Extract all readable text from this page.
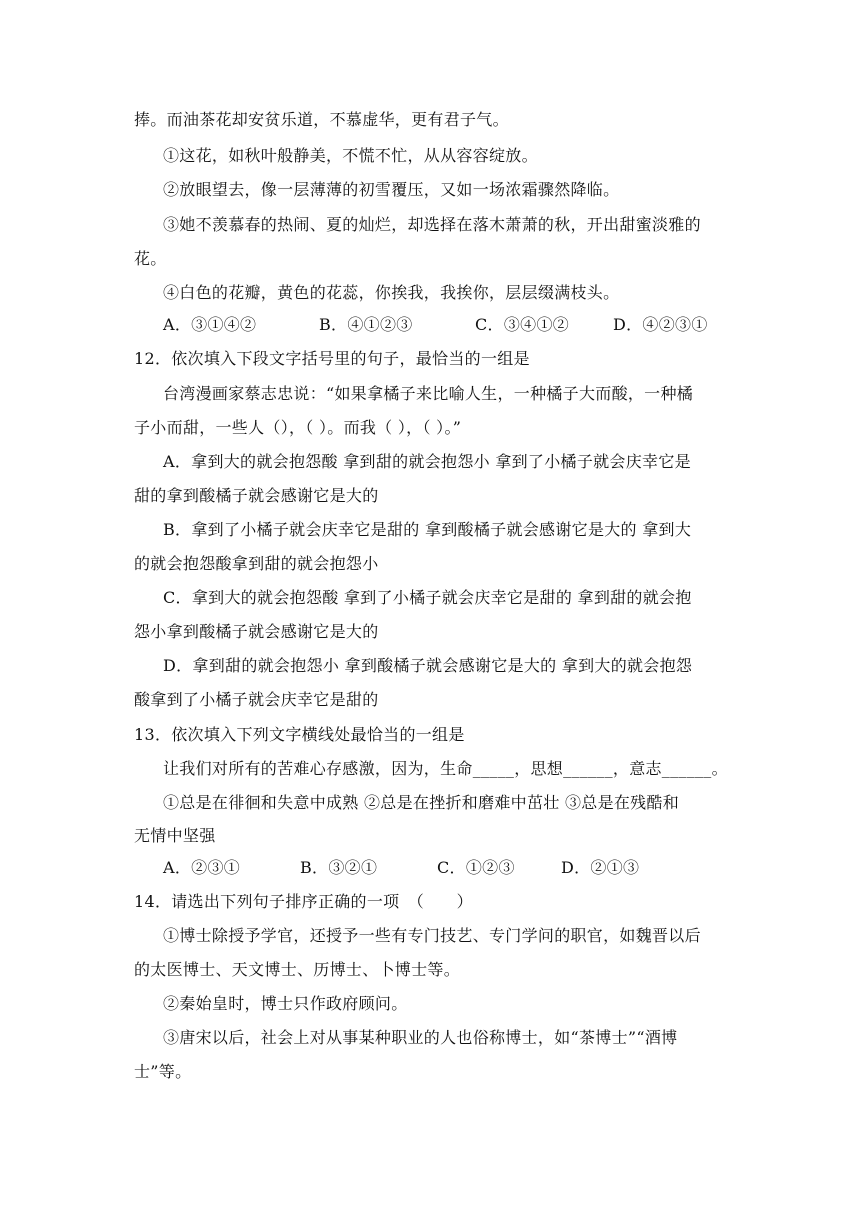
捧。而油茶花却安贫乐道，不慕虚华，更有君子气。

①这花，如秋叶般静美，不慌不忙，从从容容绽放。

②放眼望去，像一层薄薄的初雪覆压，又如一场浓霜骤然降临。

③她不羡慕春的热闹、夏的灿烂，却选择在落木萧萧的秋，开出甜蜜淡雅的

花。

④白色的花瓣，黄色的花蕊，你挨我，我挨你，层层缀满枝头。

A．③①④②	B．④①②③	C．③④①②	D．④②③①

12．依次填入下段文字括号里的句子，最恰当的一组是

台湾漫画家蔡志忠说：“如果拿橘子来比喻人生，一种橘子大而酸，一种橘

子小而甜，一些人（），（ ）。而我（ ），（ ）。”

A．拿到大的就会抱怨酸 拿到甜的就会抱怨小 拿到了小橘子就会庆幸它是

甜的拿到酸橘子就会感谢它是大的

B．拿到了小橘子就会庆幸它是甜的 拿到酸橘子就会感谢它是大的 拿到大

的就会抱怨酸拿到甜的就会抱怨小

C．拿到大的就会抱怨酸 拿到了小橘子就会庆幸它是甜的 拿到甜的就会抱

怨小拿到酸橘子就会感谢它是大的

D．拿到甜的就会抱怨小 拿到酸橘子就会感谢它是大的 拿到大的就会抱怨

酸拿到了小橘子就会庆幸它是甜的

13．依次填入下列文字横线处最恰当的一组是

让我们对所有的苦难心存感激，因为，生命_____，思想______，意志______。

①总是在徘徊和失意中成熟 ②总是在挫折和磨难中茁壮 ③总是在残酷和

无情中坚强

A．②③①	B．③②①	C．①②③	D．②①③

14．请选出下列句子排序正确的一项　（　　）

①博士除授予学官，还授予一些有专门技艺、专门学问的职官，如魏晋以后

的太医博士、天文博士、历博士、卜博士等。

②秦始皇时，博士只作政府顾问。

③唐宋以后，社会上对从事某种职业的人也俗称博士，如“茶博士”“酒博

士”等。
